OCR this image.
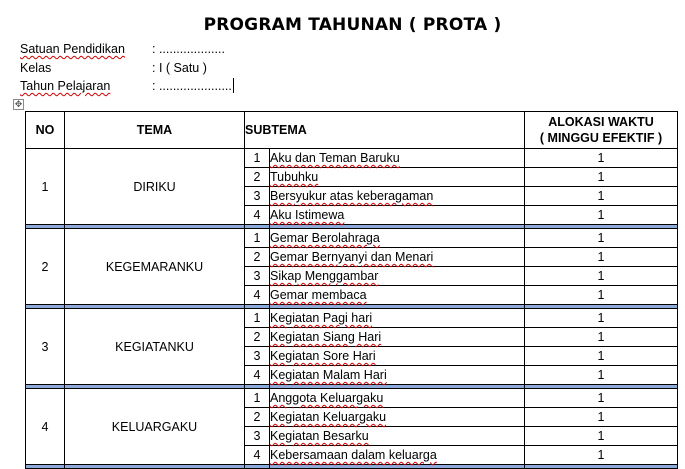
PROGRAM TAHUNAN ( PROTA )
Satuan Pendidikan : ...................
Kelas	: I ( Satu )
Tahun Pelajaran	: .....................
✥
NO	TEMA	SUBTEMA		ALOKASI WAKTU
( MINGGU EFEKTIF )

1	DIRIKU	1	Aku dan Teman Baruku	1
		2	Tubuhku	1
		3	Bersyukur atas keberagaman	1
		4	Aku Istimewa	1

2	KEGEMARANKU	1	Gemar Berolahraga	1
		2	Gemar Bernyanyi dan Menari	1
		3	Sikap Menggambar	1
		4	Gemar membaca	1

3	KEGIATANKU	1	Kegiatan Pagi hari	1
		2	Kegiatan Siang Hari	1
		3	Kegiatan Sore Hari	1
		4	Kegiatan Malam Hari	1

4	KELUARGAKU	1	Anggota Keluargaku	1
		2	Kegiatan Keluargaku	1
		3	Kegiatan Besarku	1
		4	Kebersamaan dalam keluarga	1
